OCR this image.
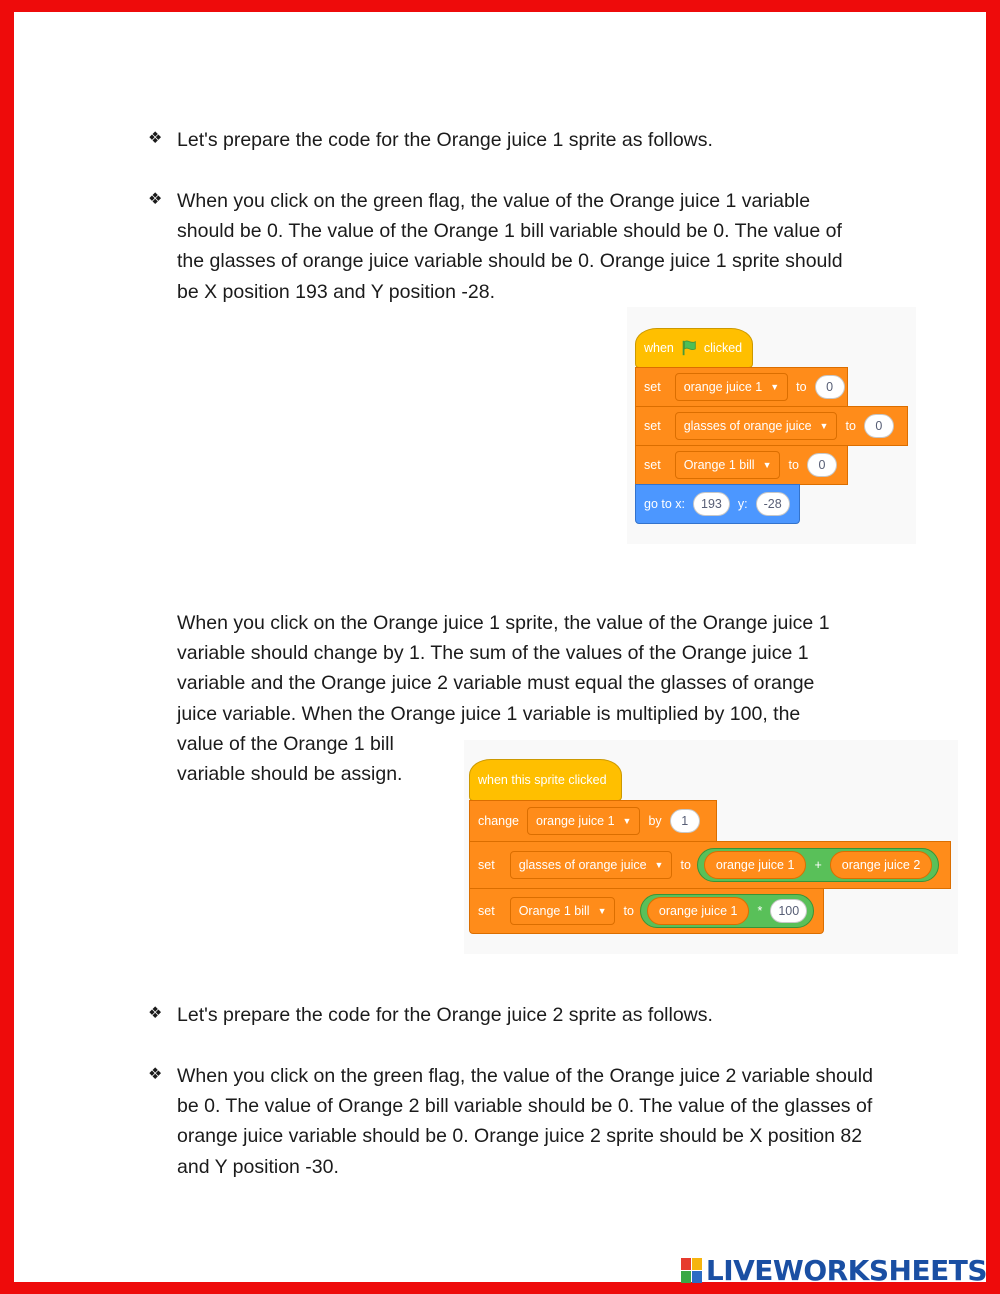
❖ Let's prepare the code for the Orange juice 1 sprite as follows.

❖ When you click on the green flag, the value of the Orange juice 1 variable should be 0. The value of the Orange 1 bill variable should be 0. The value of the glasses of orange juice variable should be 0. Orange juice 1 sprite should be X position 193 and Y position -28.

when clicked
set orange juice 1 ▼ to	0
set glasses of orange juice ▼ to	0
set Orange 1 bill ▼ to	0
go to x:	193	y:	-28
When you click on the Orange juice 1 sprite, the value of the Orange juice 1
variable should change by 1. The sum of the values of the Orange juice 1
variable and the Orange juice 2 variable must equal the glasses of orange
juice variable. When the Orange juice 1 variable is multiplied by 100, the
value of the Orange 1 bill
variable should be assign.	when this sprite clicked
change orange juice 1 ▼ by	1
set glasses of orange juice ▼ to	orange juice 1	+	orange juice 2
set Orange 1 bill ▼ to	orange juice 1	*	100
❖ Let's prepare the code for the Orange juice 2 sprite as follows.

❖ When you click on the green flag, the value of the Orange juice 2 variable should be 0. The value of Orange 2 bill variable should be 0. The value of the glasses of orange juice variable should be 0. Orange juice 2 sprite should be X position 82 and Y position -30.

LIVEWORKSHEETS
